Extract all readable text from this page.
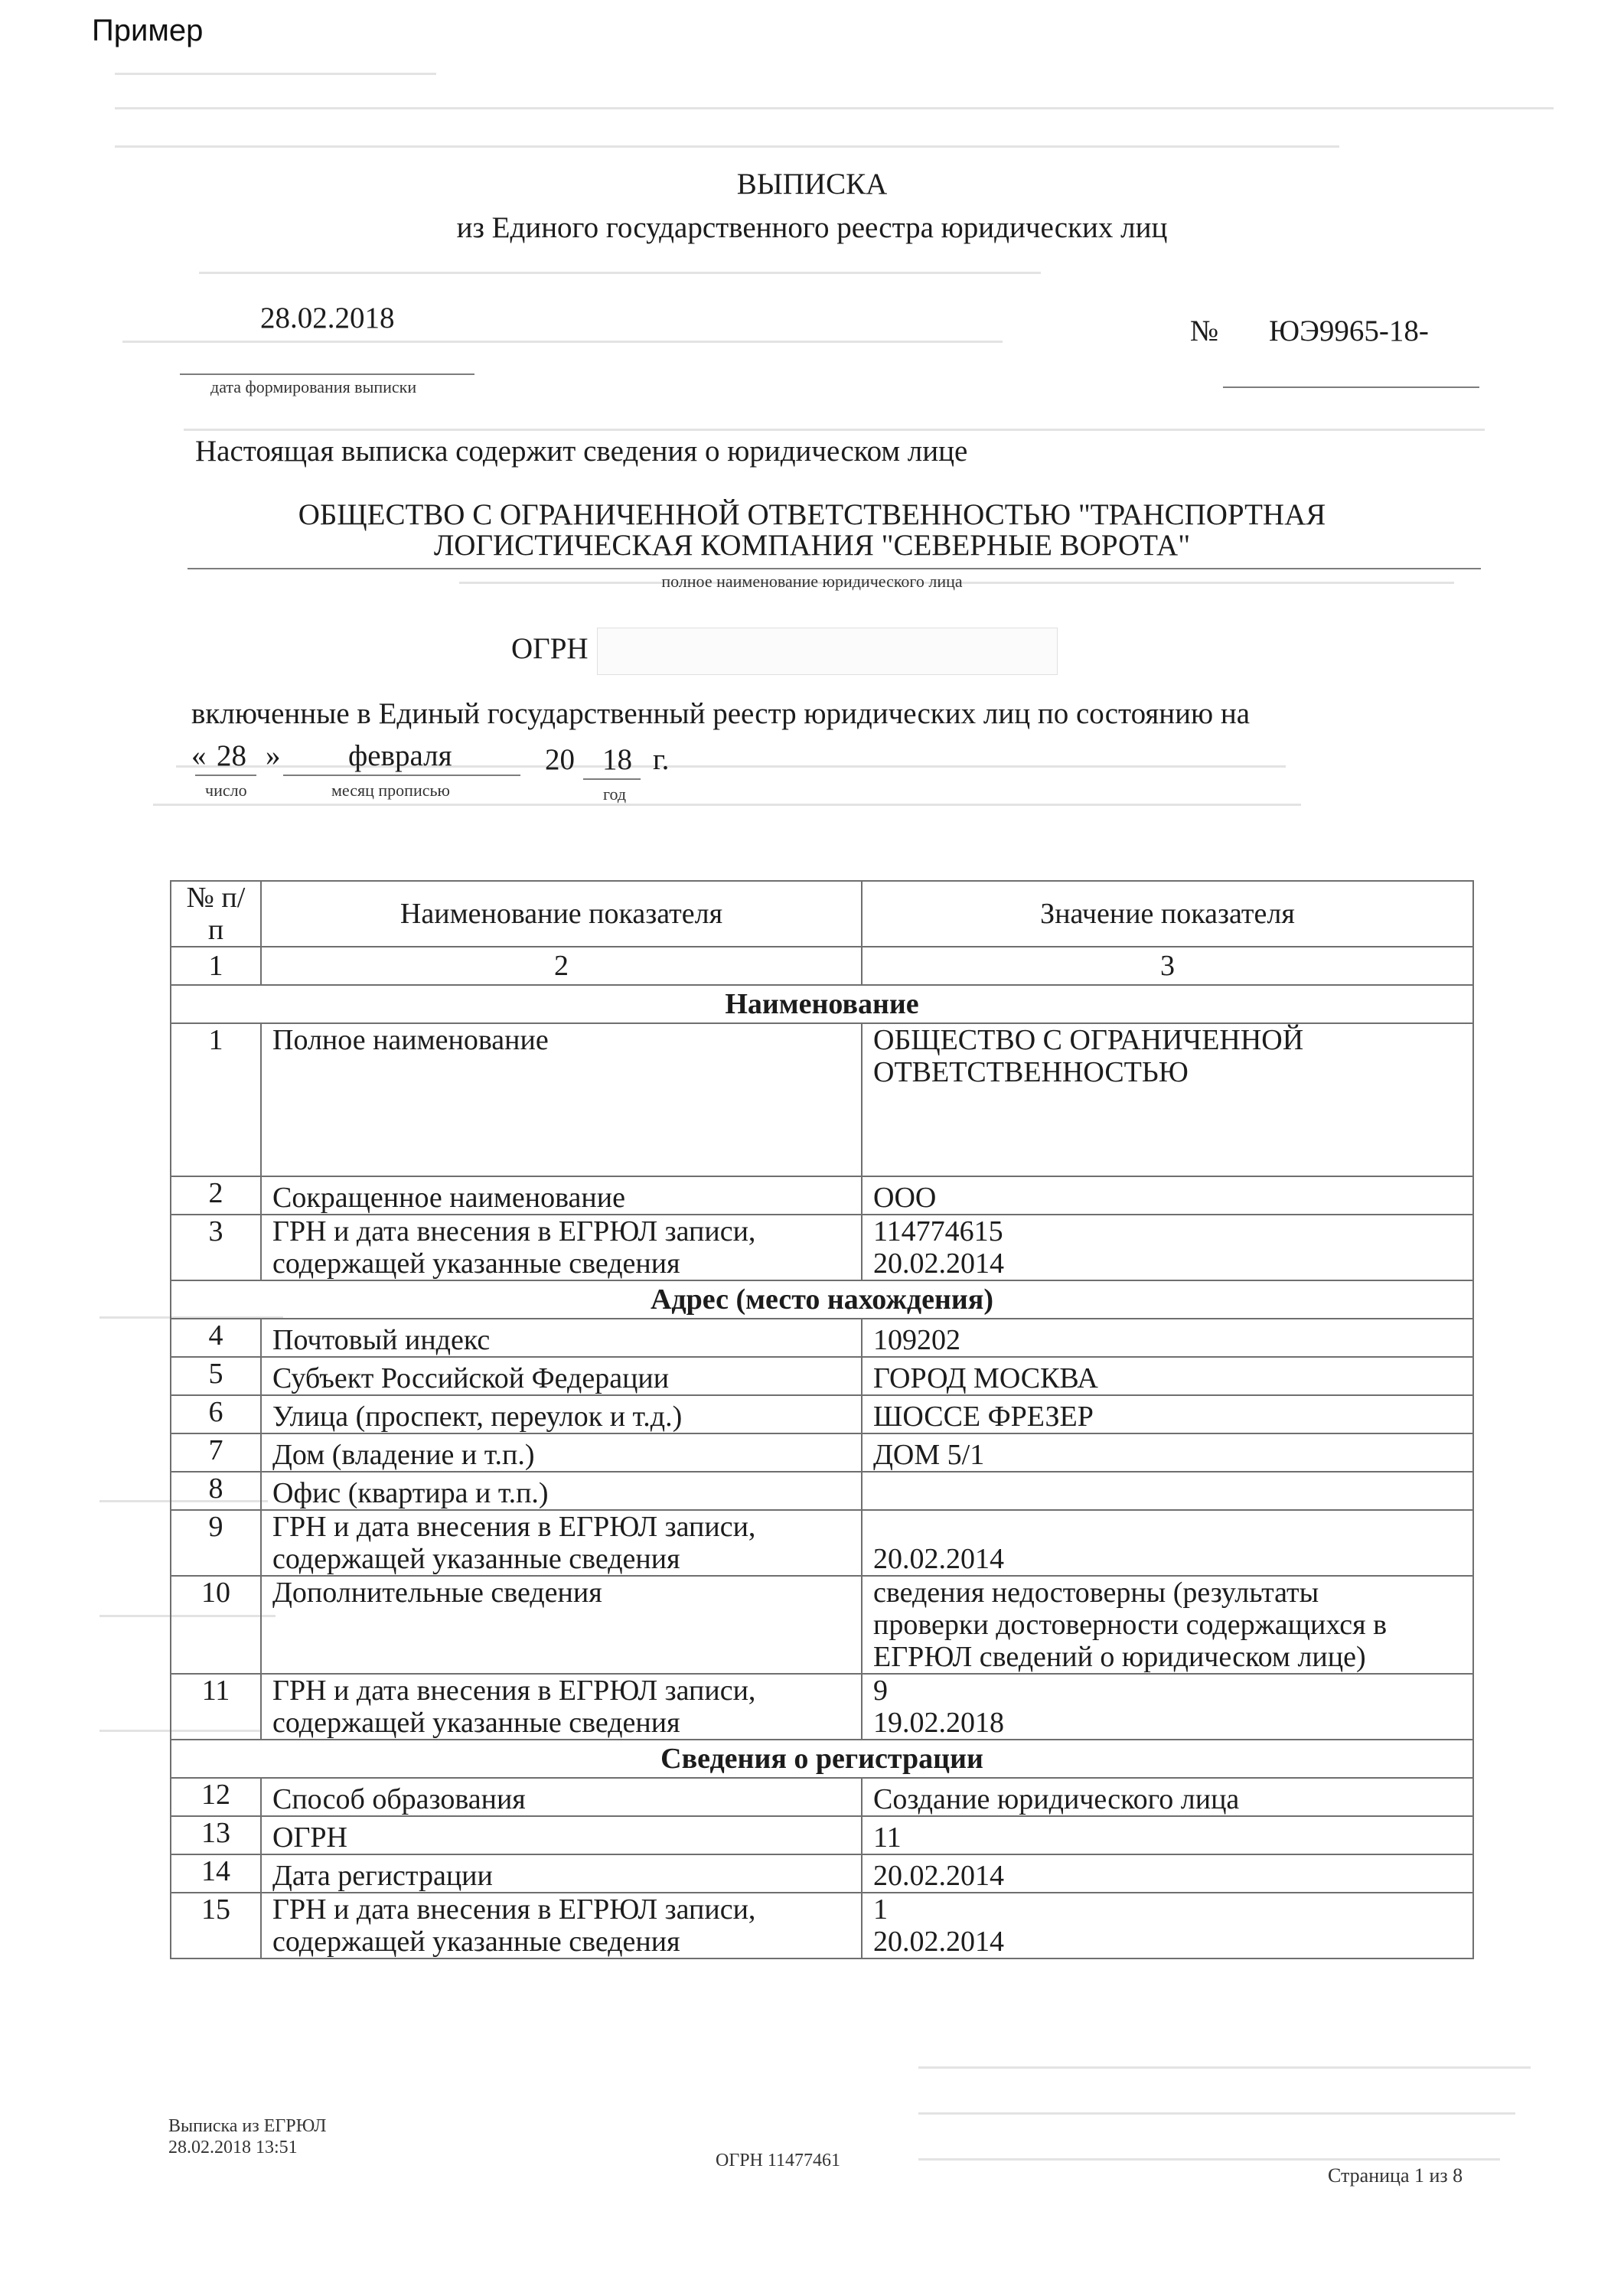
Пример
ВЫПИСКА
из Единого государственного реестра юридических лиц
28.02.2018
дата формирования выписки
№ ЮЭ9965-18-
Настоящая выписка содержит сведения о юридическом лице
ОБЩЕСТВО С ОГРАНИЧЕННОЙ ОТВЕТСТВЕННОСТЬЮ "ТРАНСПОРТНАЯ
ЛОГИСТИЧЕСКАЯ КОМПАНИЯ "СЕВЕРНЫЕ ВОРОТА"
полное наименование юридического лица
ОГРН
включенные в Единый государственный реестр юридических лиц по состоянию на
« 28 »
число
февраля
месяц прописью
20 18 г.
год
№ п/п	Наименование показателя	Значение показателя
1	2	3
Наименование		
1	Полное наименование	ОБЩЕСТВО С ОГРАНИЧЕННОЙ
ОТВЕТСТВЕННОСТЬЮ
2	Сокращенное наименование	ООО
3	ГРН и дата внесения в ЕГРЮЛ записи,
содержащей указанные сведения	114774615
20.02.2014
Адрес (место нахождения)		
4	Почтовый индекс	109202
5	Субъект Российской Федерации	ГОРОД МОСКВА
6	Улица (проспект, переулок и т.д.)	ШОССЕ ФРЕЗЕР
7	Дом (владение и т.п.)	ДОМ 5/1
8	Офис (квартира и т.п.)	
9	ГРН и дата внесения в ЕГРЮЛ записи,
содержащей указанные сведения	20.02.2014
10	Дополнительные сведения	сведения недостоверны (результаты
проверки достоверности содержащихся в
ЕГРЮЛ сведений о юридическом лице)
11	ГРН и дата внесения в ЕГРЮЛ записи,
содержащей указанные сведения	9
19.02.2018
Сведения о регистрации		
12	Способ образования	Создание юридического лица
13	ОГРН	11
14	Дата регистрации	20.02.2014
15	ГРН и дата внесения в ЕГРЮЛ записи,
содержащей указанные сведения	1
20.02.2014
Выписка из ЕГРЮЛ
28.02.2018 13:51
ОГРН 11477461
Страница 1 из 8
